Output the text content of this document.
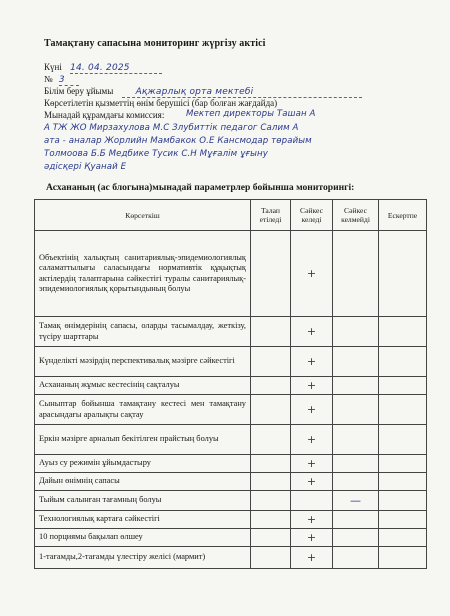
Тамақтану сапасына мониторинг жүргізу актісі
Күні 14. 04. 2025
№ 3
Білім беру ұйымы Ақжарлық орта мектебі
Көрсетілетін қызметтің өнім берушісі (бар болған жағдайда)
Мынадай құрамдағы комиссия:	Мектеп директоры Ташан А
А ТЖ ЖО Мирзахулова М.С Злубиттік педагог Салим А
ата - аналар Жорлийн Мамбакок О.Е Кансмодар төрайым
Толмоова Б.Б Медбике Тусик С.Н Мұғалім ұғыну
әдісқері Қуанай Е
Асхананың (ас блогына)мынадай параметрлер бойынша мониторингі:
Көрсеткіш	Талап етіледі	Сәйкес келеді	Сәйкес келмейді	Ескертпе
Объектінің халықтың санитариялық-эпидемиологиялық саламаттылығы саласындағы нормативтік құқықтық актілердің талаптарына сәйкестігі туралы санитариялық-эпидемиологиялық қорытындының болуы		+		
Тамақ өнімдерінің сапасы, оларды тасымалдау, жеткізу, түсіру шарттары		+		
Күнделікті мәзірдің перспективалық мәзірге сәйкестігі		+		
Асхананың жұмыс кестесінің сақталуы		+		
Сыныптар бойынша тамақтану кестесі мен тамақтану арасындағы аралықты сақтау		+		
Еркін мәзірге арналып бекітілген прайстың болуы		+		
Ауыз су режимін ұйымдастыру		+		
Дайын өнімнің сапасы		+		
Тыйым салынған тағамның болуы			—	
Технологиялық картаға сәйкестігі		+		
10 порциямы бақылап өлшеу		+		
1-тағамды,2-тағамды үлестіру желісі (мармит)		+		
